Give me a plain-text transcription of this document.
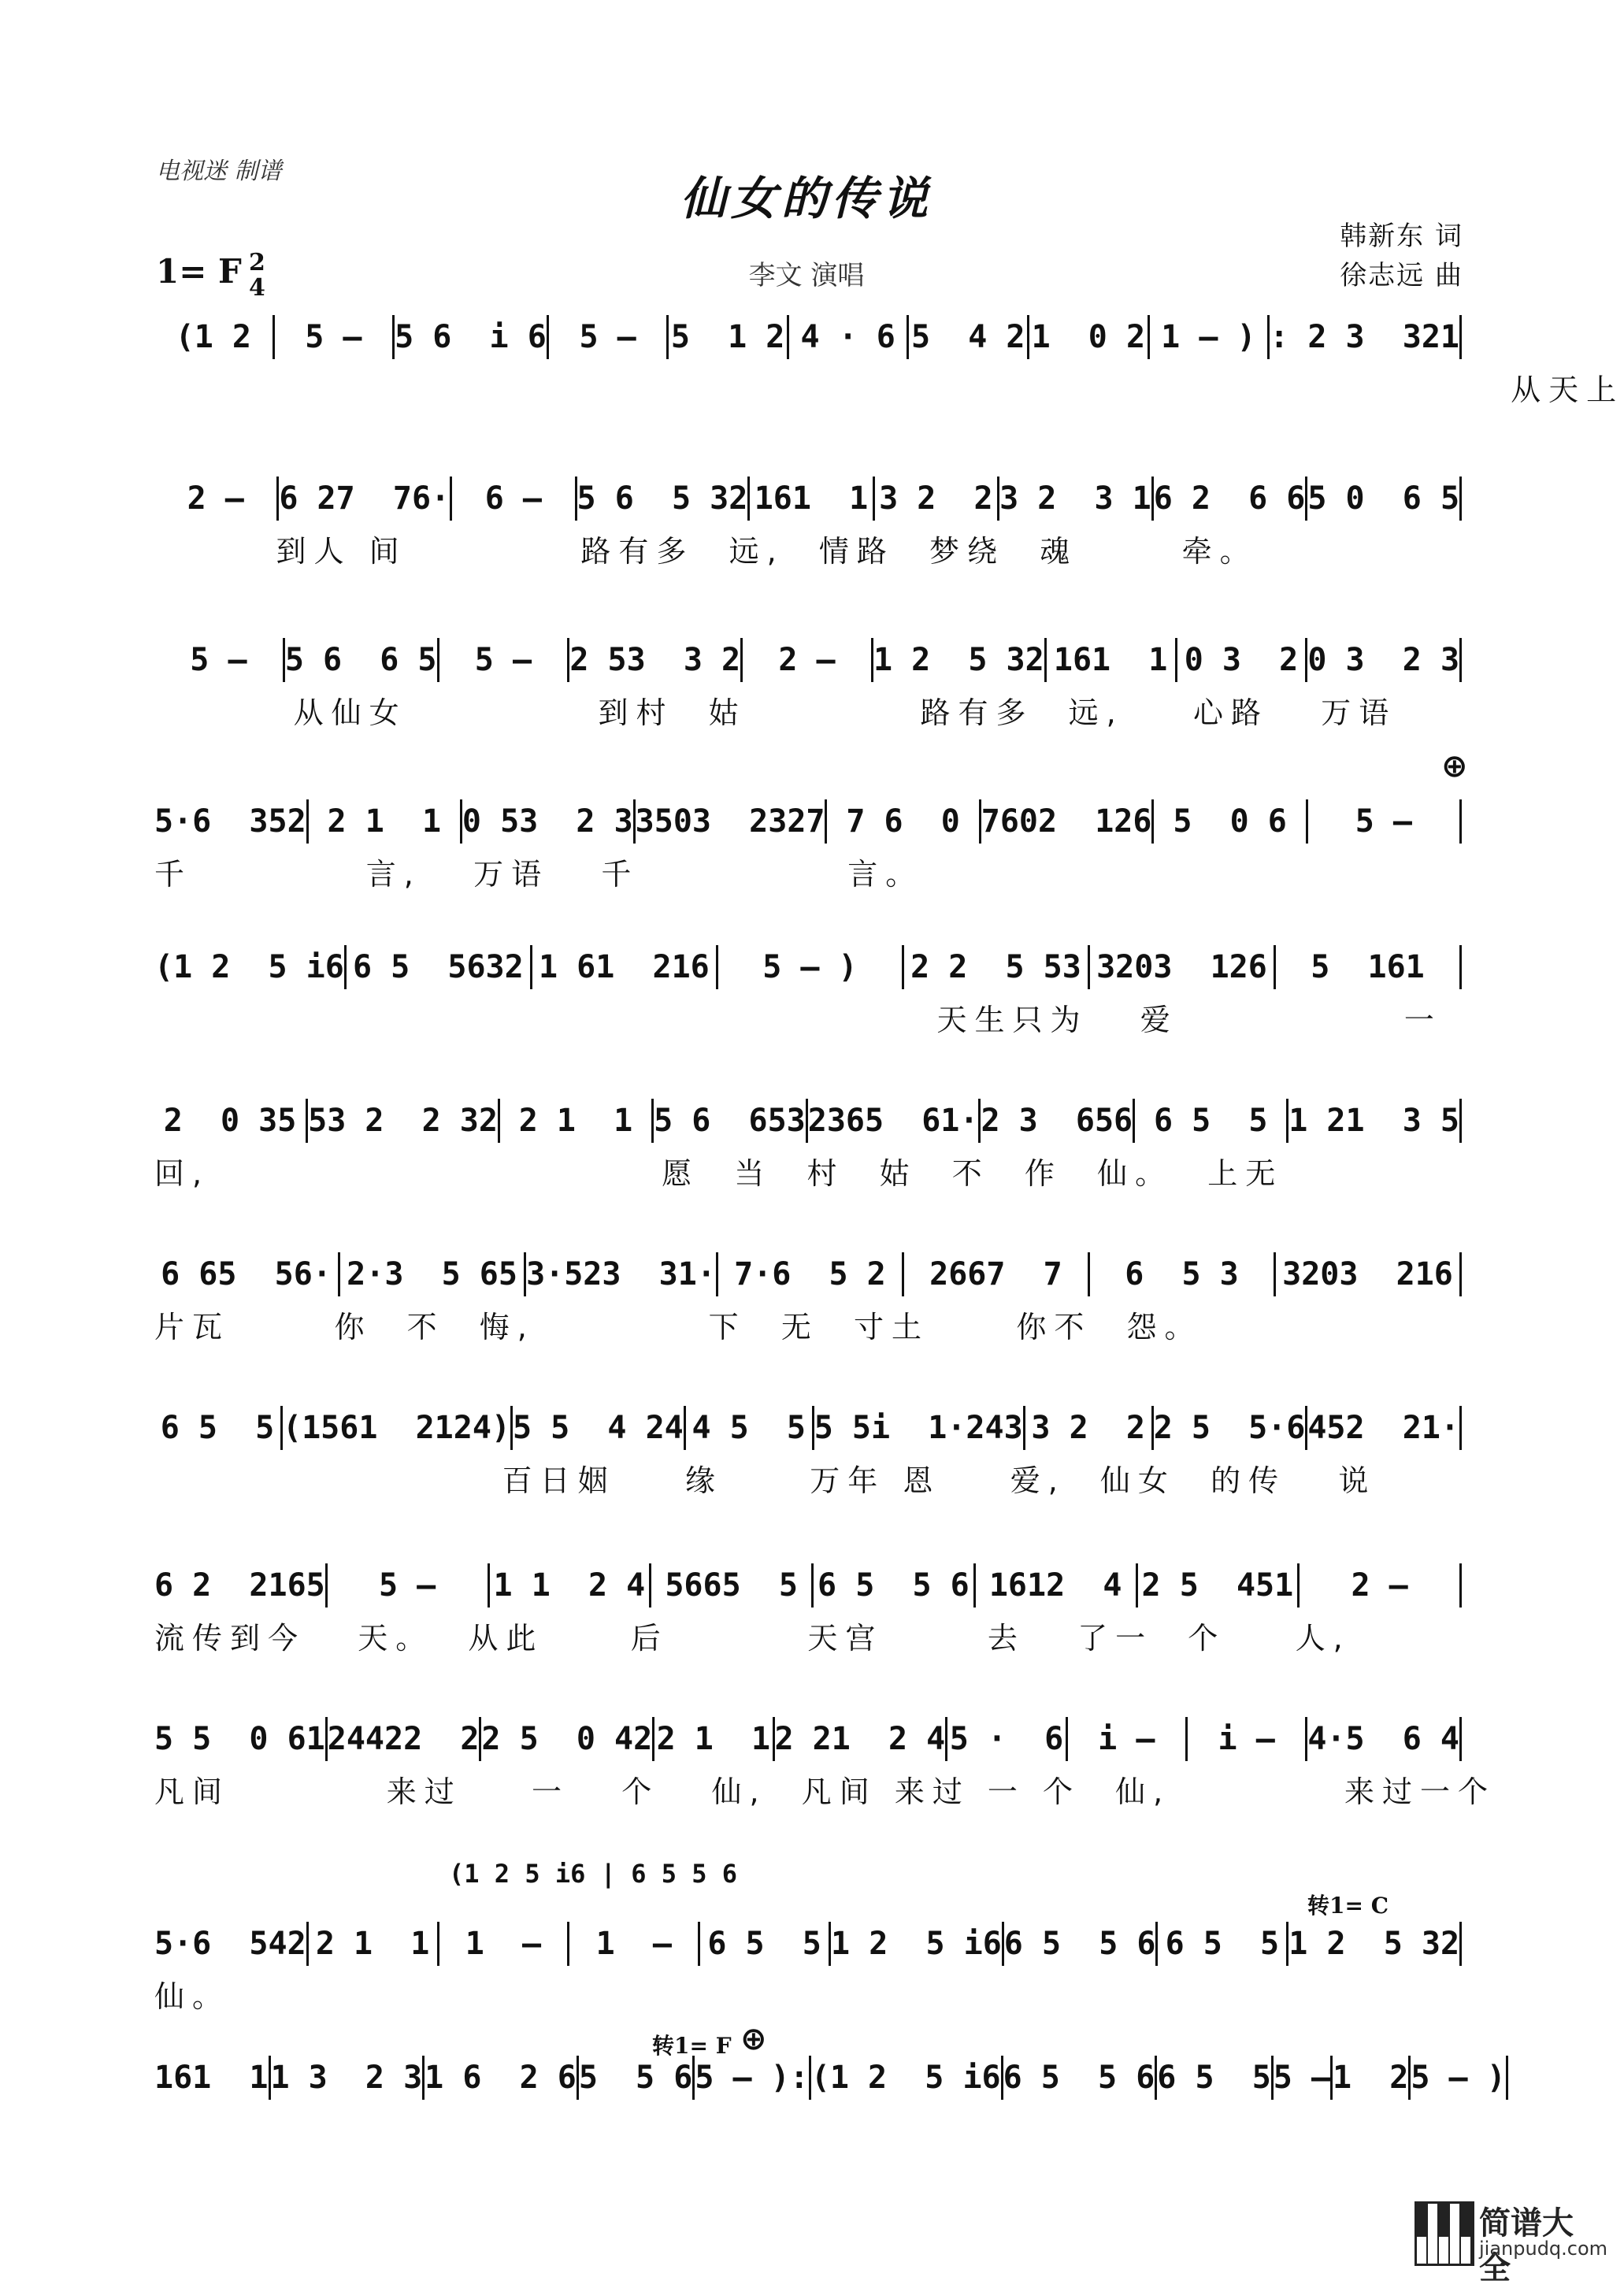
电视迷 制谱
仙女的传说
1= F 2
4	李文 演唱
韩新东 词
徐志远 曲
(1 2	5 –	5 6  i 6	5 –	5  1 2 4 · 6 5  4 2 1  0 2 1 – ) : 2 3  321
从天上
2 –	6 27  76·	6 –	5 6  5 32 161  1 3 2  2 3 2  3 1 6 2  6 6 5 0  6 5
到人 间          路有多  远,  情路  梦绕  魂      牵。
5 –	5 6  6 5	5 –	2 53  3 2	2 –	1 2  5 32 161  1 0 3  2 0 3  2 3
从仙女           到村  姑          路有多  远,    心路   万语
5·6  352 2 1  1 0 53  2 3 3503  2327 7 6  0 7602  126 5  0 6	5 –
千          言,   万语   千            言。
(1 2  5 i6 6 5  5632 1 61  216	5 – )	2 2  5 53 3203  126	5  161
天生只为   爱             一
2  0 35 53 2  2 32 2 1  1 5 6  653 2365  61· 2 3  656 6 5  5 1 21  3 5
回,                          愿  当  村  姑  不  作  仙。  上无
6 65  56· 2·3  5 65 3·523  31· 7·6  5 2	2667  7	6  5 3	3203  216
片瓦      你  不  悔,          下  无  寸土     你不  怨。
6 5  5 (1561  2124) 5 5  4 24 4 5  5 5 5i  1·243 3 2  2 2 5  5·6 452  21·
百日姻    缘     万年 恩    爱,  仙女  的传   说
6 2  2165	5 –	1 1  2 4 5665  5 6 5  5 6 1612  4 2 5  451	2 –
流传到今   天。  从此     后        天宫      去   了一  个    人,
5 5  0 61 24422  2 2 5  0 42 2 1  1 2 21  2 4 5 ·  6	i –	i –	4·5  6 4
凡间         来过    一   个   仙,  凡间 来过 一 个  仙,          来过一个
5·6  542 2 1  1	1  –	1  –	6 5  5 1 2  5 i6 6 5  5 6 6 5  5 1 2  5 32
仙。
161  1 1 3  2 3 1 6  2 6 5  5 6 5 – ): (1 2  5 i6 6 5  5 6 6 5  5 5 – 1  2 5 – )
(1 2 5 i6 | 6 5 5 6
转1= C
转1= F
⊕
⊕
简谱大全
jianpudq.com
